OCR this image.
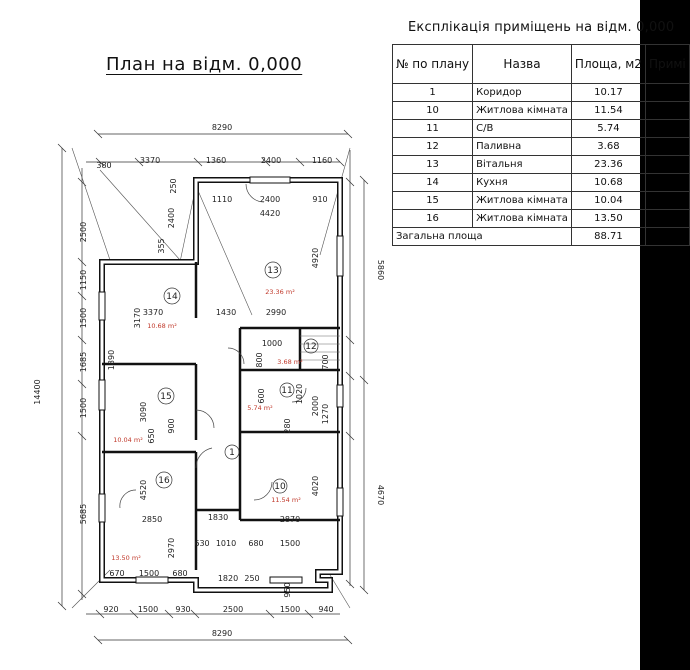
План на відм. 0,000
13
23.36 m²
14
10.68 m²
12
3.68 m²
11
5.74 m²
15
10.04 m²
1
10
11.54 m²
16
13.50 m²
8290
8290
14400
5860
4670
380
3370	1360	2400	1160
1110	2400	910
4420
920 1500 930	2500	1500 940
670 1500 680
1820 250
950
2500
1150
1500
1685
1500
5685
2400
355
250
4920
3170 3370	1430	2990
1270
700
3090
2850
4520
1830	2870
4020
900
650
2970 630 1010 680 1500
1890
1000
1020
2000
800
280
600
Експлікація приміщень на відм. 0,000
№ по плану	Назва	Площа, м2	Примі
1	Коридор	10.17	
10	Житлова кімната	11.54	
11	С/В	5.74	
12	Паливна	3.68	
13	Вітальня	23.36	
14	Кухня	10.68	
15	Житлова кімната	10.04	
16	Житлова кімната	13.50	
Загальна площа		88.71	
